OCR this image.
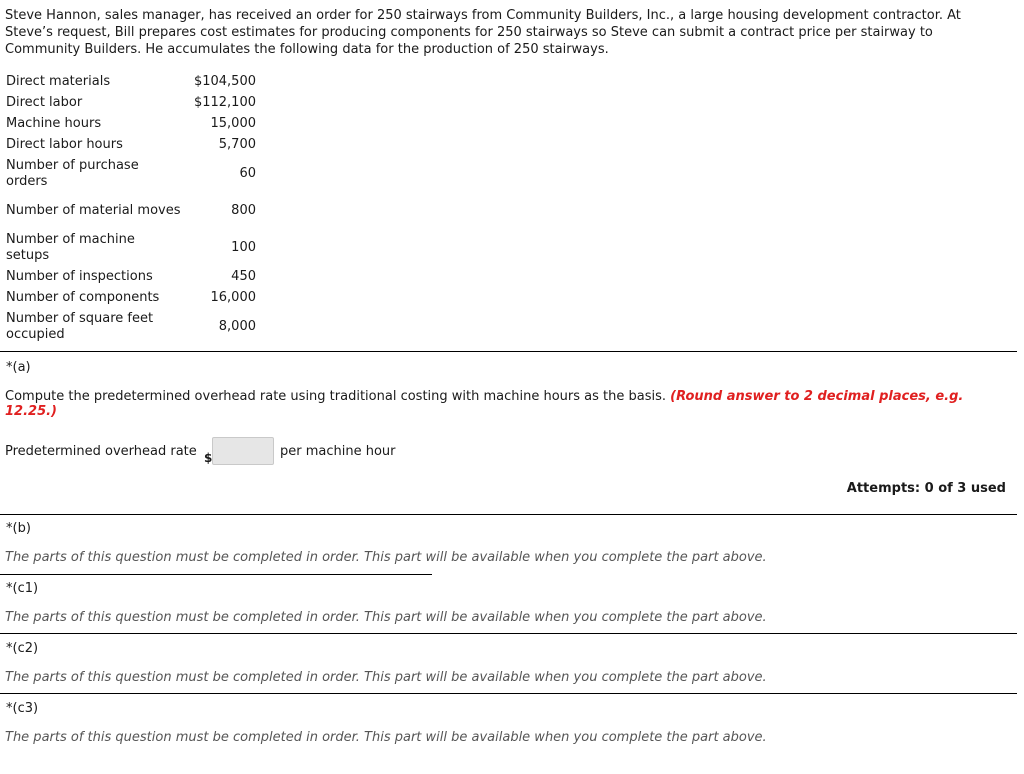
Steve Hannon, sales manager, has received an order for 250 stairways from Community Builders, Inc., a large housing development contractor. At

Steve’s request, Bill prepares cost estimates for producing components for 250 stairways so Steve can submit a contract price per stairway to

Community Builders. He accumulates the following data for the production of 250 stairways.

Direct materials	$104,500
Direct labor	$112,100
Machine hours	15,000
Direct labor hours	5,700
Number of purchase orders	60
Number of material moves	800
Number of machine setups	100
Number of inspections	450
Number of components	16,000
Number of square feet occupied	8,000
*(a)
Compute the predetermined overhead rate using traditional costing with machine hours as the basis. (Round answer to 2 decimal places, e.g. 12.25.)
Predetermined overhead rate $	per machine hour
Attempts: 0 of 3 used
*(b)
The parts of this question must be completed in order. This part will be available when you complete the part above.
*(c1)
The parts of this question must be completed in order. This part will be available when you complete the part above.
*(c2)
The parts of this question must be completed in order. This part will be available when you complete the part above.
*(c3)
The parts of this question must be completed in order. This part will be available when you complete the part above.
